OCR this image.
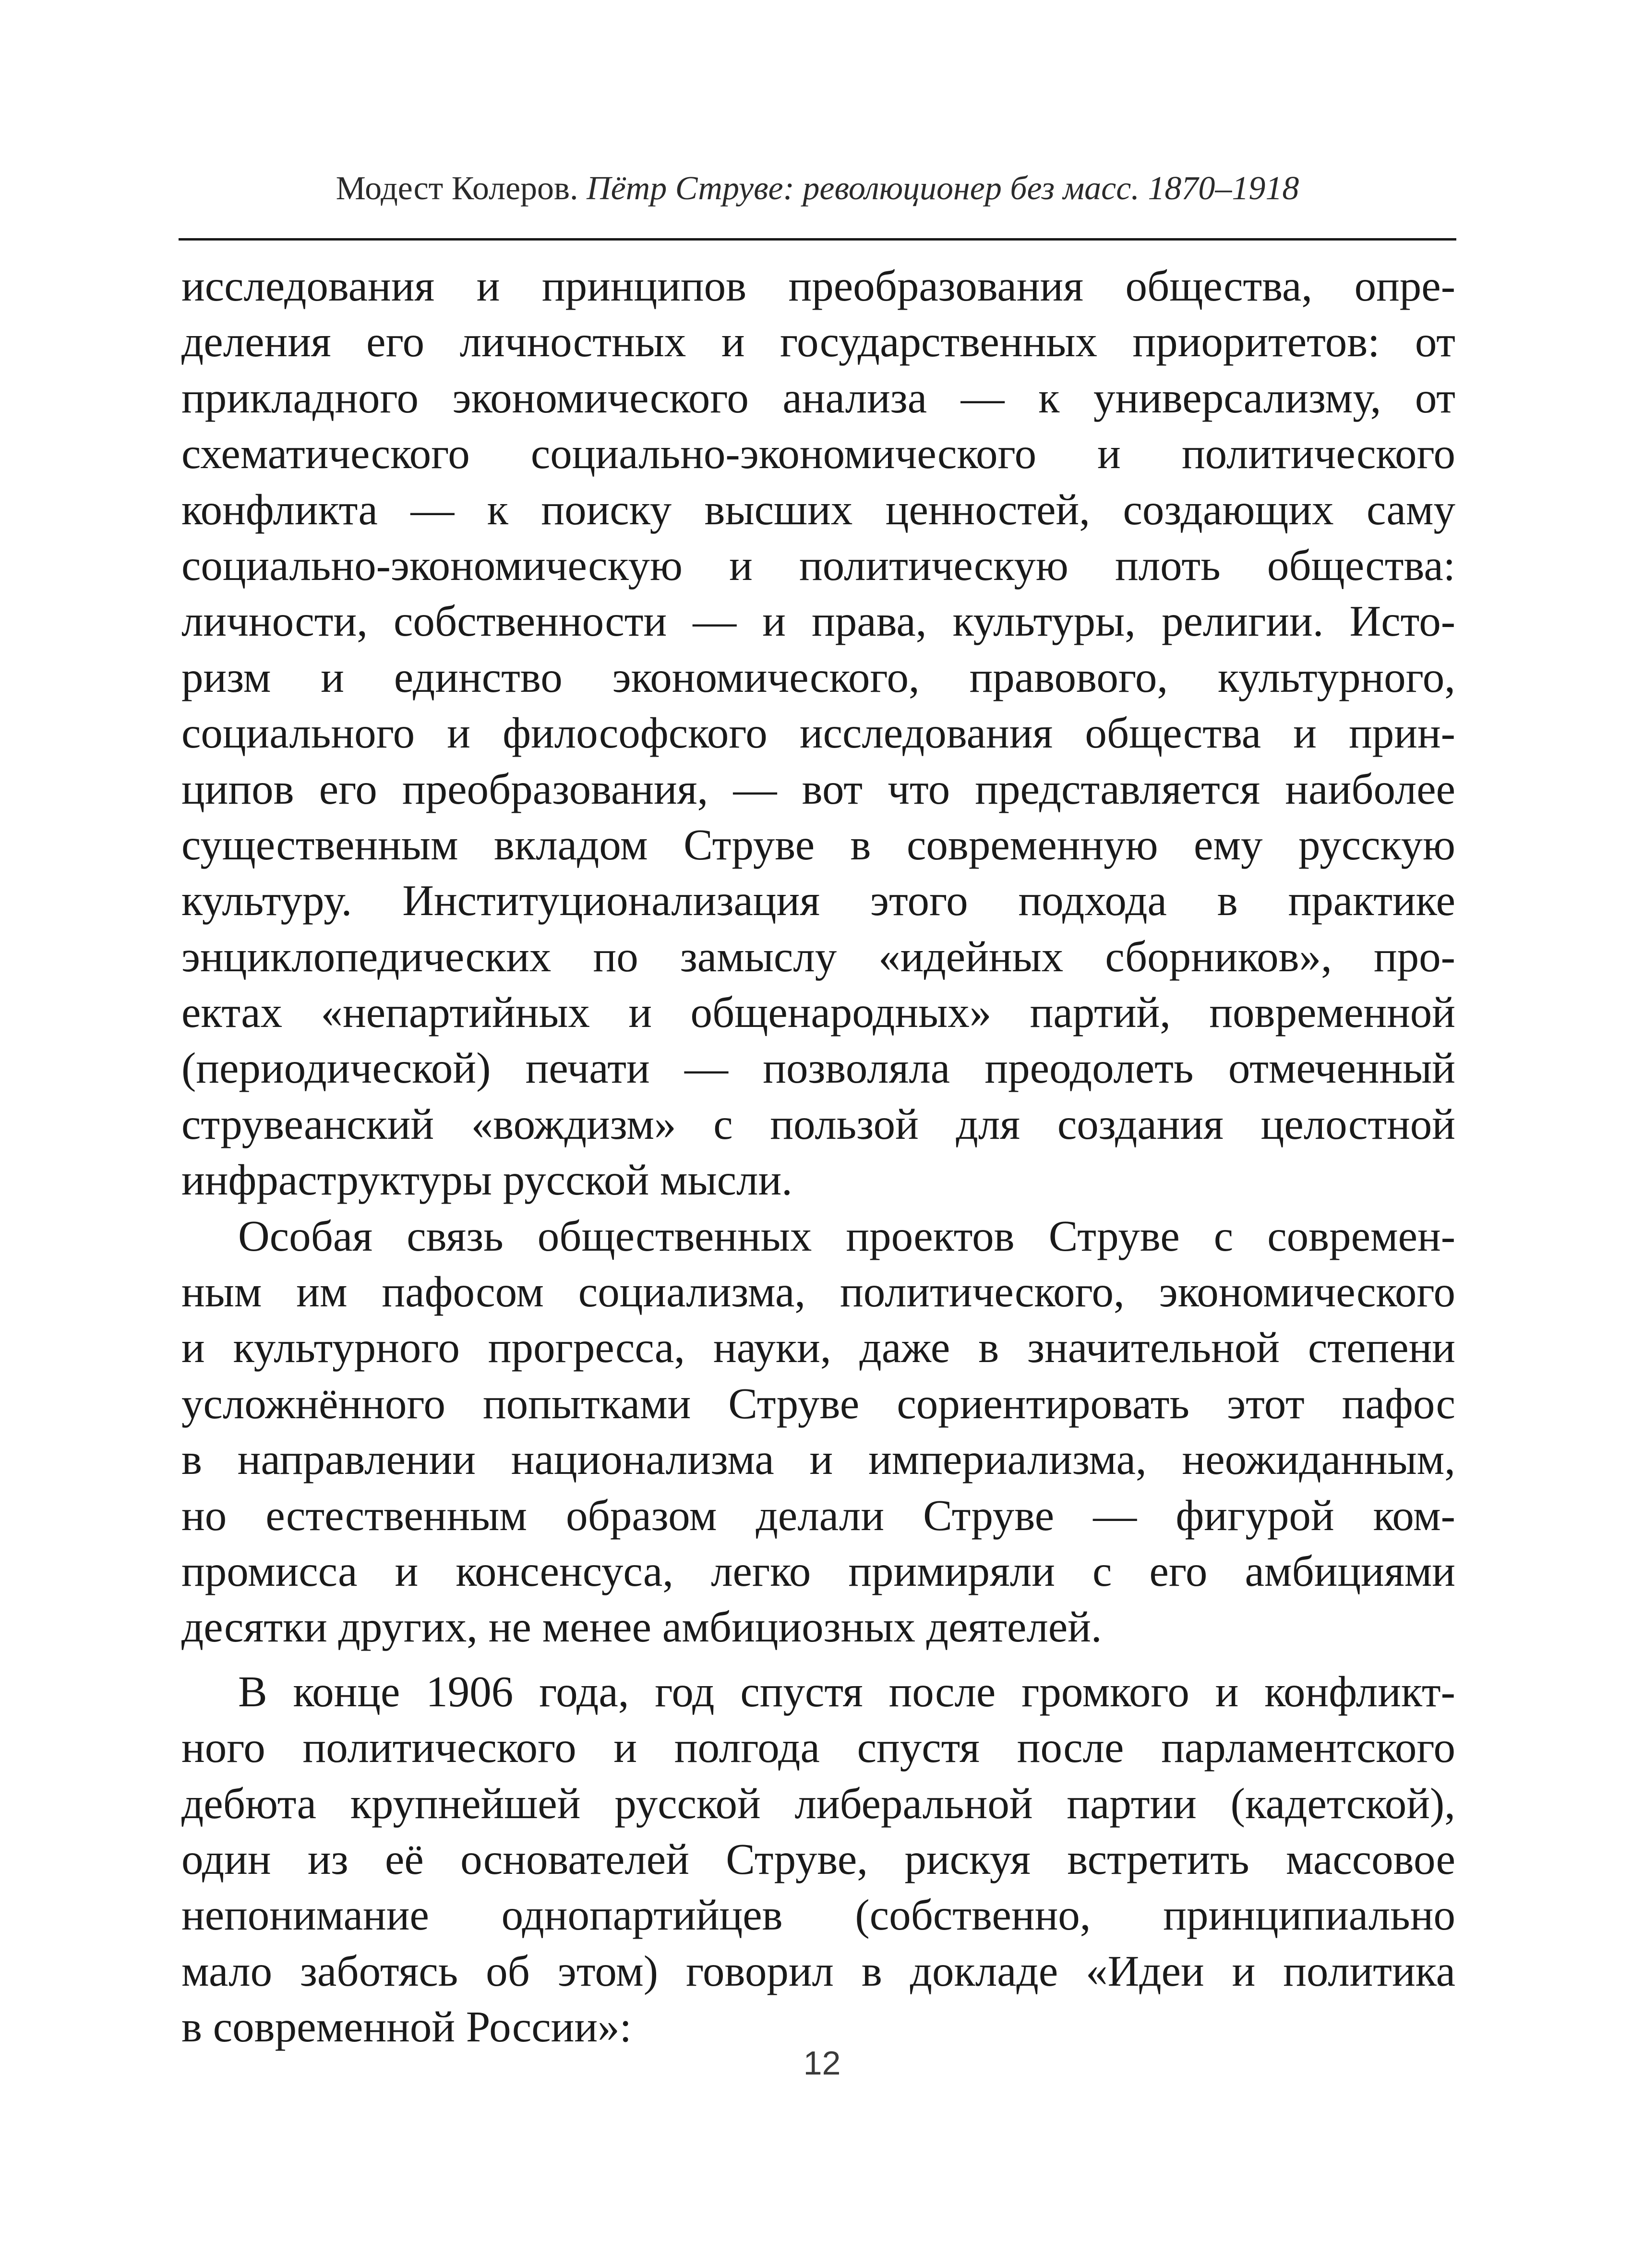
Модест Колеров. Пётр Струве: революционер без масс. 1870–1918
исследования и принципов преобразования общества, опре-
деления его личностных и государственных приоритетов: от
прикладного экономического анализа — к универсализму, от
схематического социально-экономического и политического
конфликта — к поиску высших ценностей, создающих саму
социально-экономическую и политическую плоть общества:
личности, собственности — и права, культуры, религии. Исто-
ризм и единство экономического, правового, культурного,
социального и философского исследования общества и прин-
ципов его преобразования, — вот что представляется наиболее
существенным вкладом Струве в современную ему русскую
культуру. Институционализация этого подхода в практике
энциклопедических по замыслу «идейных сборников», про-
ектах «непартийных и общенародных» партий, повременной
(периодической) печати — позволяла преодолеть отмеченный
струвеанский «вождизм» с пользой для создания целостной
инфраструктуры русской мысли.
Особая связь общественных проектов Струве с современ-
ным им пафосом социализма, политического, экономического
и культурного прогресса, науки, даже в значительной степени
усложнённого попытками Струве сориентировать этот пафос
в направлении национализма и империализма, неожиданным,
но естественным образом делали Струве — фигурой ком-
промисса и консенсуса, легко примиряли с его амбициями
десятки других, не менее амбициозных деятелей.
В конце 1906 года, год спустя после громкого и конфликт-
ного политического и полгода спустя после парламентского
дебюта крупнейшей русской либеральной партии (кадетской),
один из её основателей Струве, рискуя встретить массовое
непонимание однопартийцев (собственно, принципиально
мало заботясь об этом) говорил в докладе «Идеи и политика
в современной России»:
12
